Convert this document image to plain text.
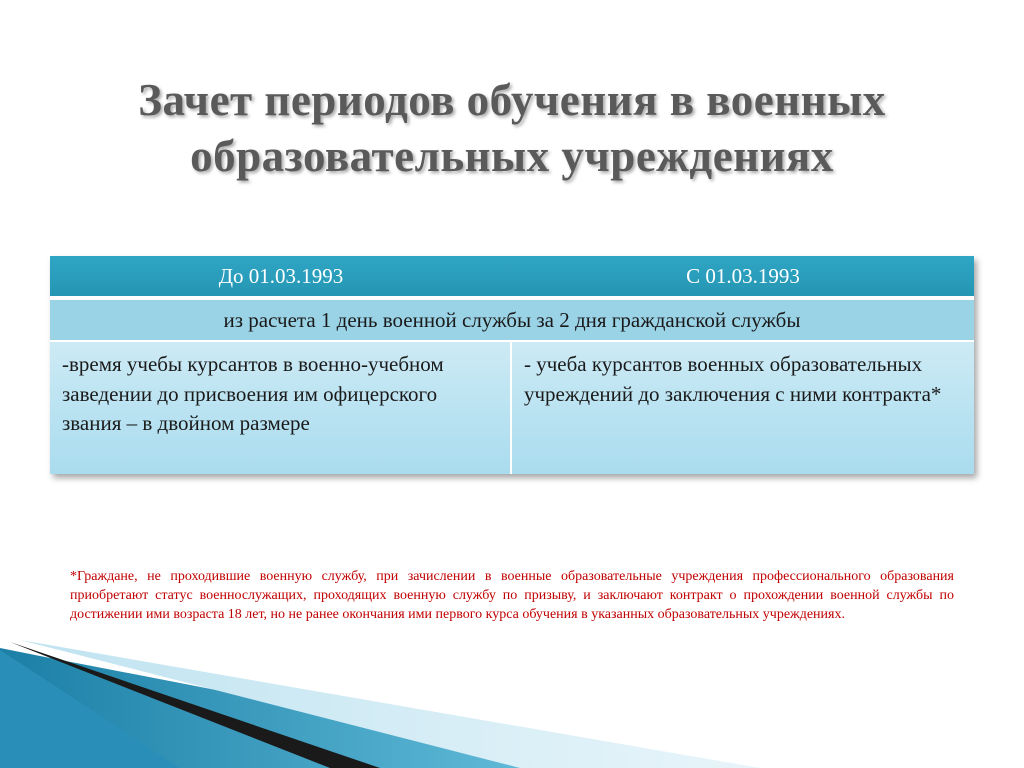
Зачет периодов обучения в военных образовательных учреждениях
До 01.03.1993	С 01.03.1993
из расчета 1 день военной службы за 2 дня гражданской службы
-время учебы курсантов в военно-учебном заведении до присвоения им офицерского звания – в двойном размере
- учеба курсантов военных образовательных учреждений до заключения с ними контракта*
*Граждане, не проходившие военную службу, при зачислении в военные образовательные учреждения профессионального образования приобретают статус военнослужащих, проходящих военную службу по призыву, и заключают контракт о прохождении военной службы по достижении ими возраста 18 лет, но не ранее окончания ими первого курса обучения в указанных образовательных учреждениях.
